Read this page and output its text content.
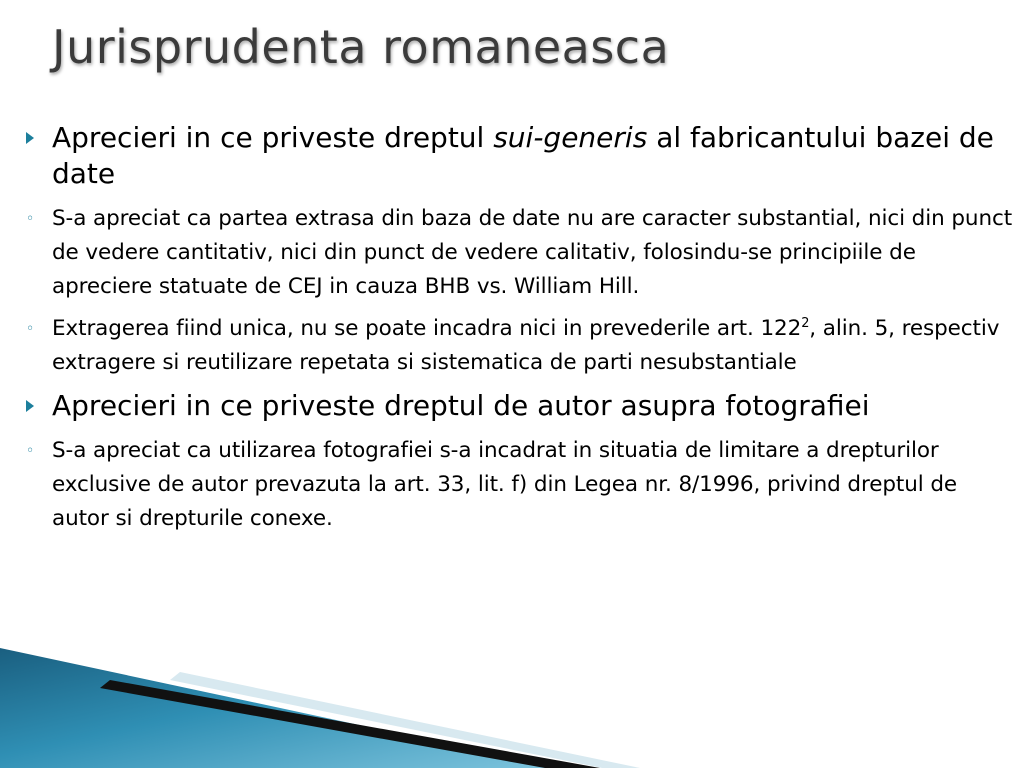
Jurisprudenta romaneasca
Aprecieri in ce priveste dreptul sui-generis al fabricantului bazei de date
◦ S-a apreciat ca partea extrasa din baza de date nu are caracter substantial, nici din punct de vedere cantitativ, nici din punct de vedere calitativ, folosindu-se principiile de apreciere statuate de CEJ in cauza BHB vs. William Hill.
◦ Extragerea fiind unica, nu se poate incadra nici in prevederile art. $122^2$, alin. 5, respectiv extragere si reutilizare repetata si sistematica de parti nesubstantiale
Aprecieri in ce priveste dreptul de autor asupra fotografiei
◦ S-a apreciat ca utilizarea fotografiei s-a incadrat in situatia de limitare a drepturilor exclusive de autor prevazuta la art. 33, lit. f) din Legea nr. 8/1996, privind dreptul de autor si drepturile conexe.
